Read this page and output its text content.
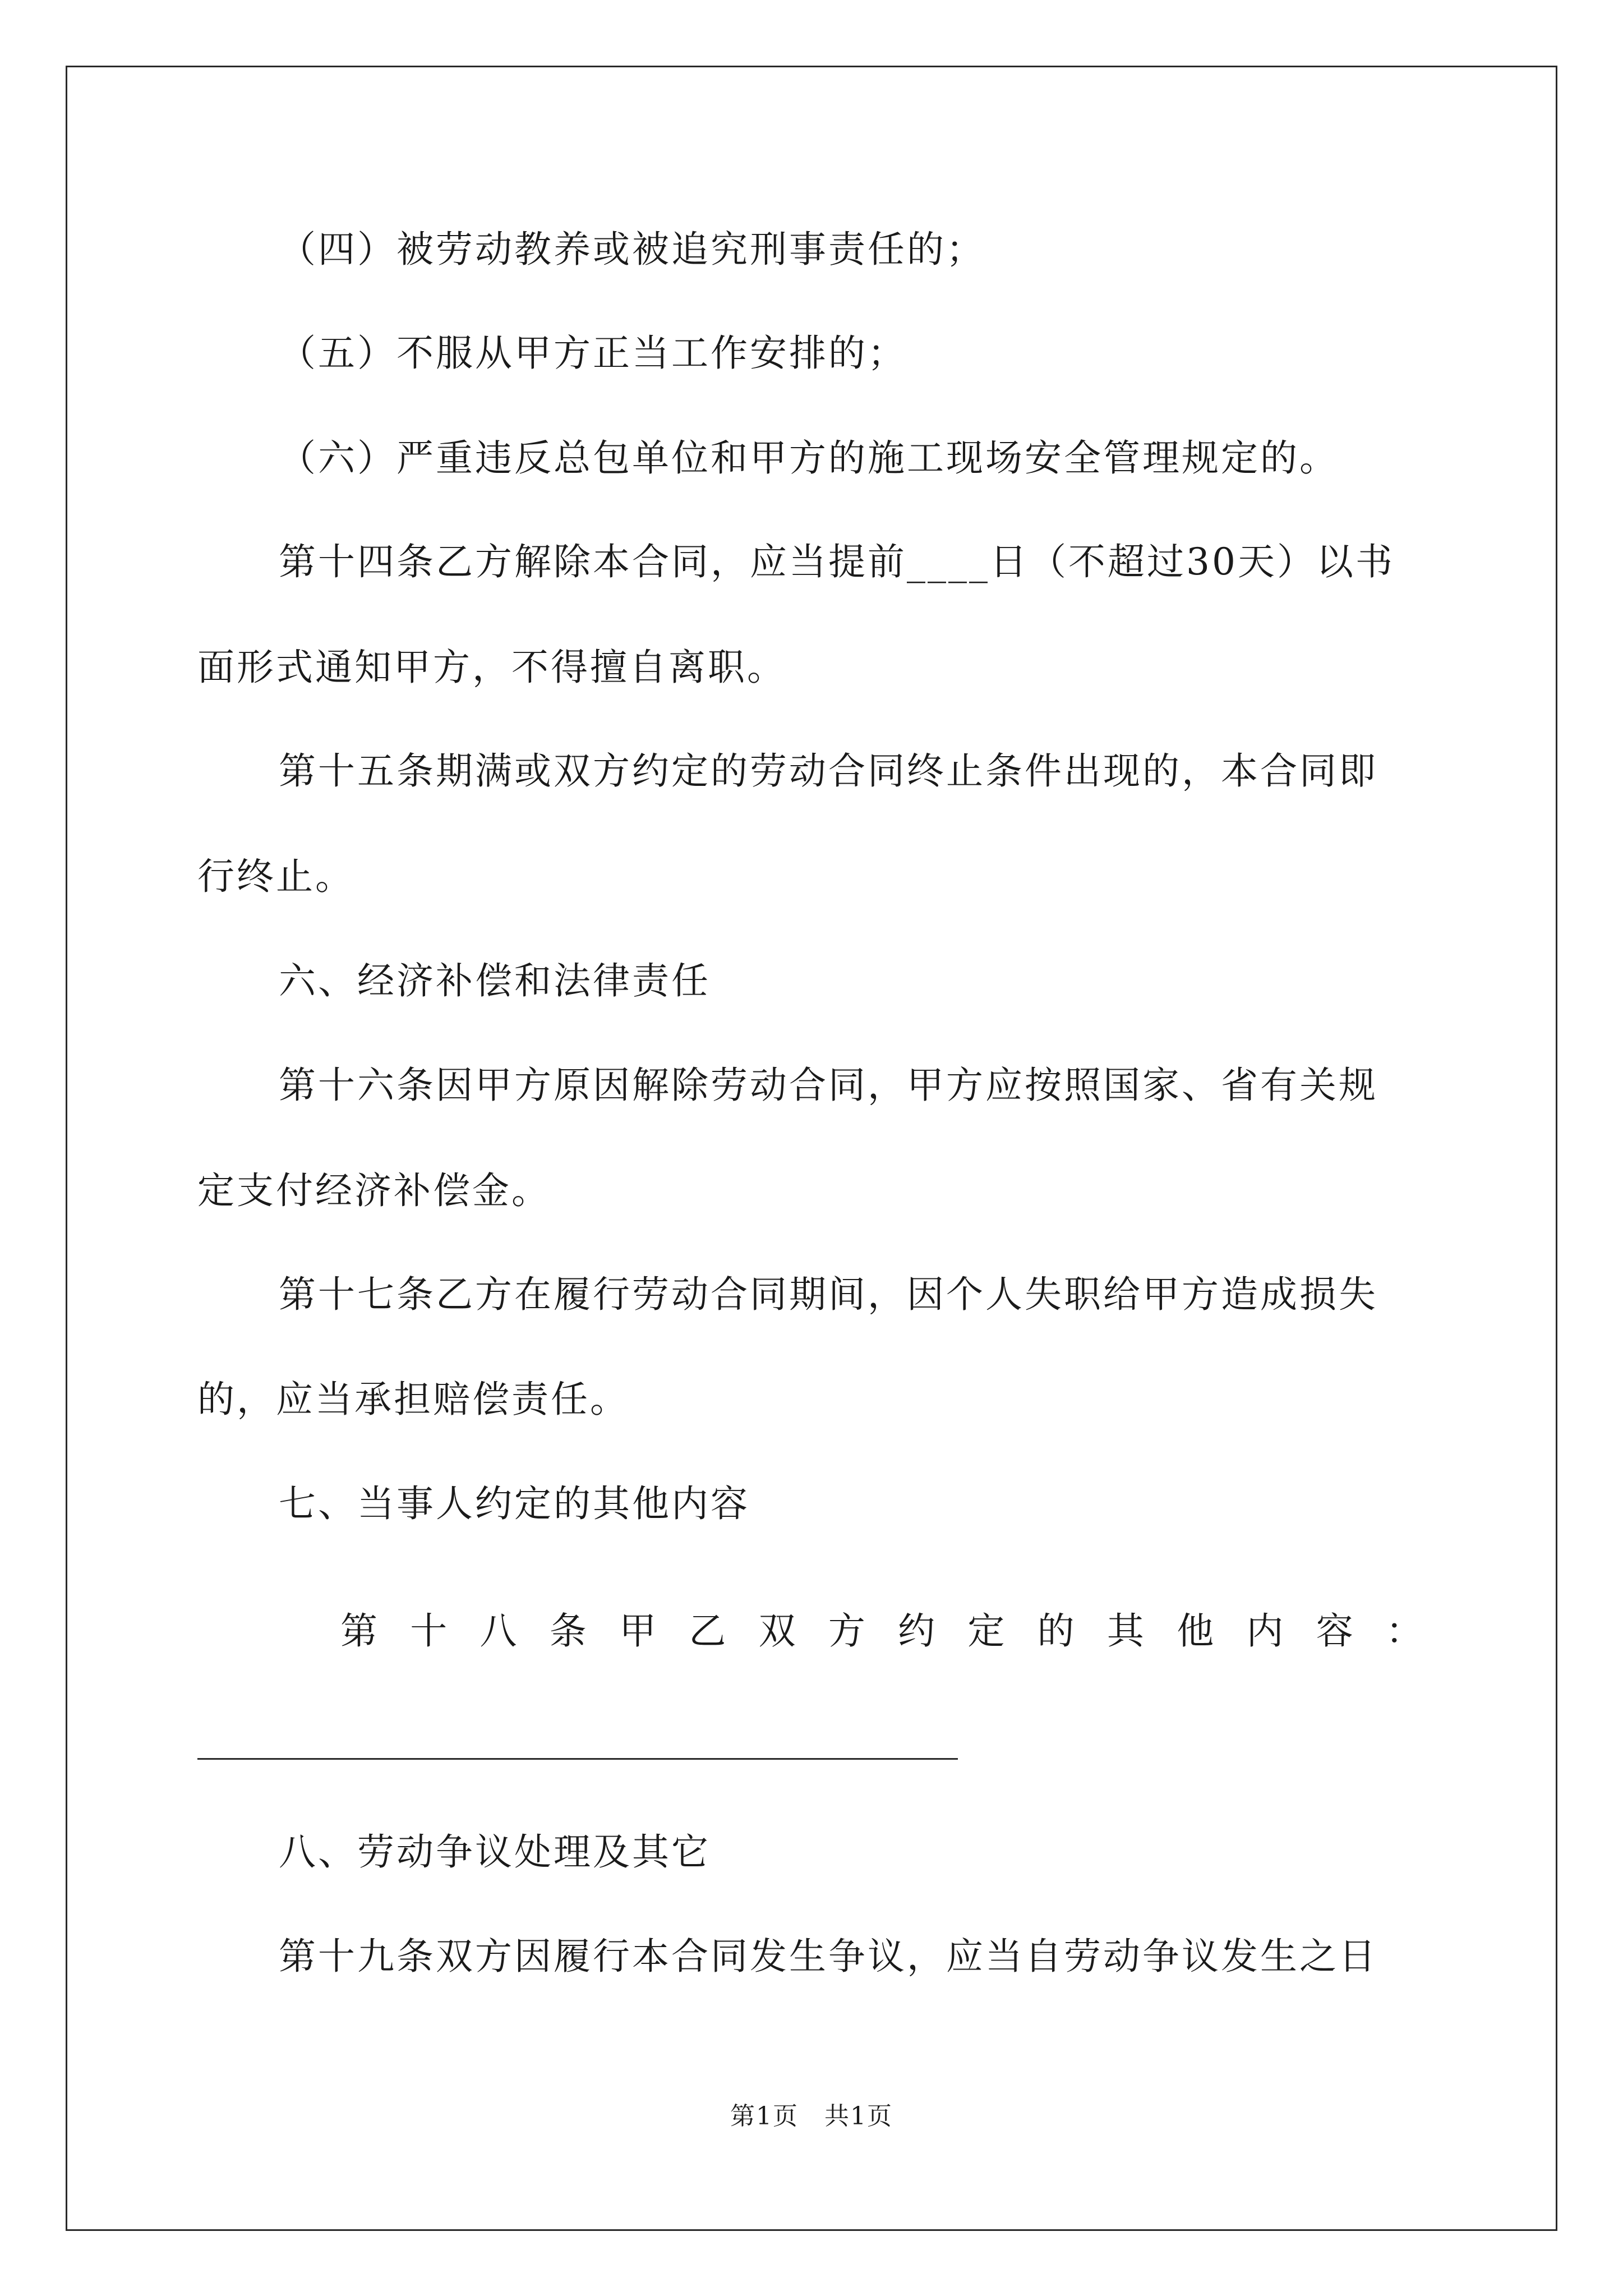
（四）被劳动教养或被追究刑事责任的；
（五）不服从甲方正当工作安排的；
（六）严重违反总包单位和甲方的施工现场安全管理规定的。
第十四条乙方解除本合同，应当提前____日（不超过30天）以书
面形式通知甲方，不得擅自离职。
第十五条期满或双方约定的劳动合同终止条件出现的，本合同即
行终止。
六、经济补偿和法律责任
第十六条因甲方原因解除劳动合同，甲方应按照国家、省有关规
定支付经济补偿金。
第十七条乙方在履行劳动合同期间，因个人失职给甲方造成损失
的，应当承担赔偿责任。
七、当事人约定的其他内容
第 十 八 条 甲 乙 双 方 约 定 的 其 他 内 容 ：
八、劳动争议处理及其它
第十九条双方因履行本合同发生争议，应当自劳动争议发生之日
第1页　共1页
